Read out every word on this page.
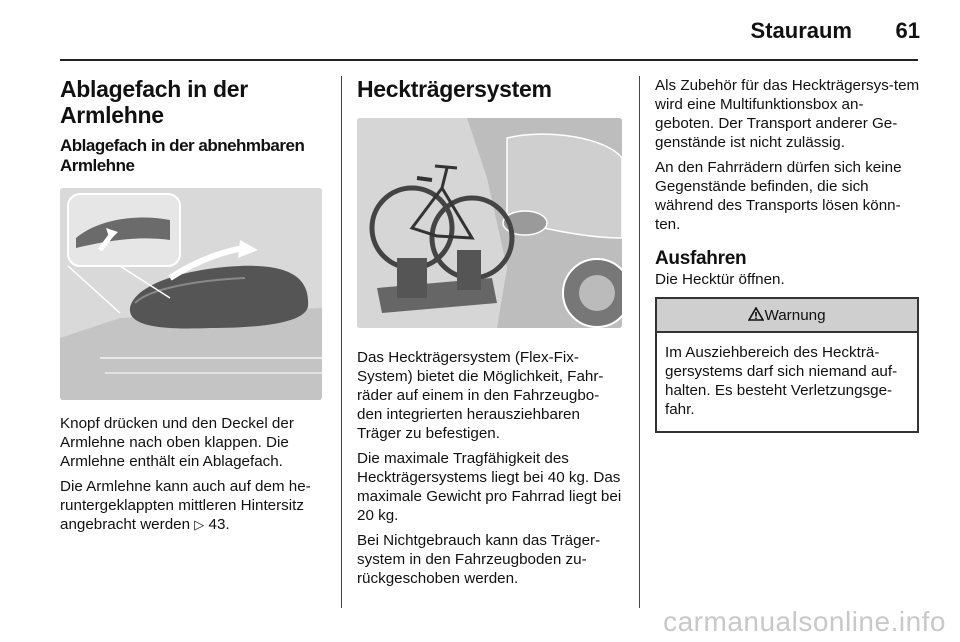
Stauraum 61
Ablagefach in der Armlehne
Ablagefach in der abnehmbaren Armlehne

Knopf drücken und den Deckel der Armlehne nach oben klappen. Die Armlehne enthält ein Ablagefach.

Die Armlehne kann auch auf dem he-runtergeklappten mittleren Hintersitz angebracht werden ▷ 43.

Heckträgersystem

Das Heckträgersystem (Flex-Fix-System) bietet die Möglichkeit, Fahr-räder auf einem in den Fahrzeugbo-den integrierten herausziehbaren Träger zu befestigen.

Die maximale Tragfähigkeit des Heckträgersystems liegt bei 40 kg. Das maximale Gewicht pro Fahrrad liegt bei 20 kg.

Bei Nichtgebrauch kann das Träger-system in den Fahrzeugboden zu-rückgeschoben werden.

Als Zubehör für das Heckträgersys-tem wird eine Multifunktionsbox an-geboten. Der Transport anderer Ge-genstände ist nicht zulässig.

An den Fahrrädern dürfen sich keine Gegenstände befinden, die sich während des Transports lösen könn-ten.

Ausfahren

Die Hecktür öffnen.

Warnung

Im Ausziehbereich des Heckträ-gersystems darf sich niemand auf-halten. Es besteht Verletzungsge-fahr.

carmanualsonline.info
